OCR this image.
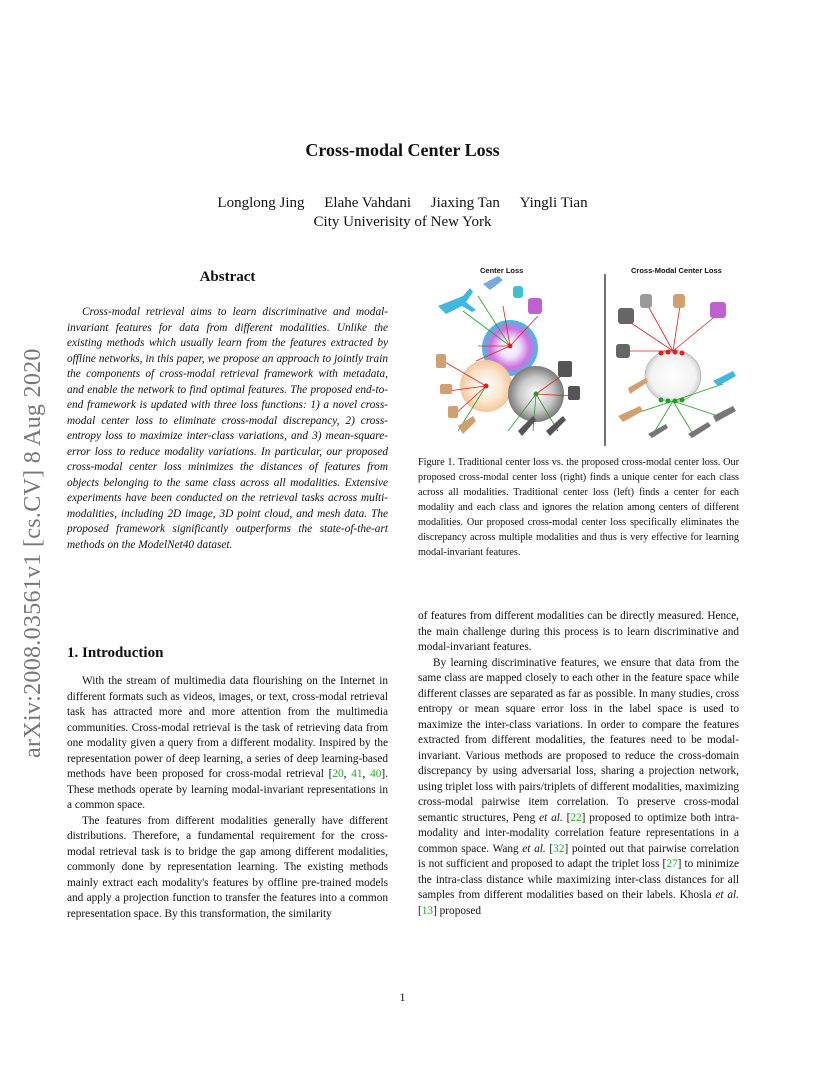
arXiv:2008.03561v1 [cs.CV] 8 Aug 2020
Cross-modal Center Loss
Longlong Jing Elahe Vahdani Jiaxing Tan Yingli Tian
City Univerisity of New York
Abstract

Cross-modal retrieval aims to learn discriminative and modal-invariant features for data from different modalities. Unlike the existing methods which usually learn from the features extracted by offline networks, in this paper, we propose an approach to jointly train the components of cross-modal retrieval framework with metadata, and enable the network to find optimal features. The proposed end-to-end framework is updated with three loss functions: 1) a novel cross-modal center loss to eliminate cross-modal discrepancy, 2) cross-entropy loss to maximize inter-class variations, and 3) mean-square-error loss to reduce modality variations. In particular, our proposed cross-modal center loss minimizes the distances of features from objects belonging to the same class across all modalities. Extensive experiments have been conducted on the retrieval tasks across multi-modalities, including 2D image, 3D point cloud, and mesh data. The proposed framework significantly outperforms the state-of-the-art methods on the ModelNet40 dataset.

1. Introduction

With the stream of multimedia data flourishing on the Internet in different formats such as videos, images, or text, cross-modal retrieval task has attracted more and more attention from the multimedia communities. Cross-modal retrieval is the task of retrieving data from one modality given a query from a different modality. Inspired by the representation power of deep learning, a series of deep learning-based methods have been proposed for cross-modal retrieval [20, 41, 40]. These methods operate by learning modal-invariant representations in a common space.

The features from different modalities generally have different distributions. Therefore, a fundamental requirement for the cross-modal retrieval task is to bridge the gap among different modalities, commonly done by representation learning. The existing methods mainly extract each modality's features by offline pre-trained models and apply a projection function to transfer the features into a common representation space. By this transformation, the similarity

Center Loss	Cross-Modal Center Loss

Figure 1. Traditional center loss vs. the proposed cross-modal center loss. Our proposed cross-modal center loss (right) finds a unique center for each class across all modalities. Traditional center loss (left) finds a center for each modality and each class and ignores the relation among centers of different modalities. Our proposed cross-modal center loss specifically eliminates the discrepancy across multiple modalities and thus is very effective for learning modal-invariant features.

of features from different modalities can be directly measured. Hence, the main challenge during this process is to learn discriminative and modal-invariant features.

By learning discriminative features, we ensure that data from the same class are mapped closely to each other in the feature space while different classes are separated as far as possible. In many studies, cross entropy or mean square error loss in the label space is used to maximize the inter-class variations. In order to compare the features extracted from different modalities, the features need to be modal-invariant. Various methods are proposed to reduce the cross-domain discrepancy by using adversarial loss, sharing a projection network, using triplet loss with pairs/triplets of different modalities, maximizing cross-modal pairwise item correlation. To preserve cross-modal semantic structures, Peng et al. [22] proposed to optimize both intra-modality and inter-modality correlation feature representations in a common space. Wang et al. [32] pointed out that pairwise correlation is not sufficient and proposed to adapt the triplet loss [27] to minimize the intra-class distance while maximizing inter-class distances for all samples from different modalities based on their labels. Khosla et al. [13] proposed

1
